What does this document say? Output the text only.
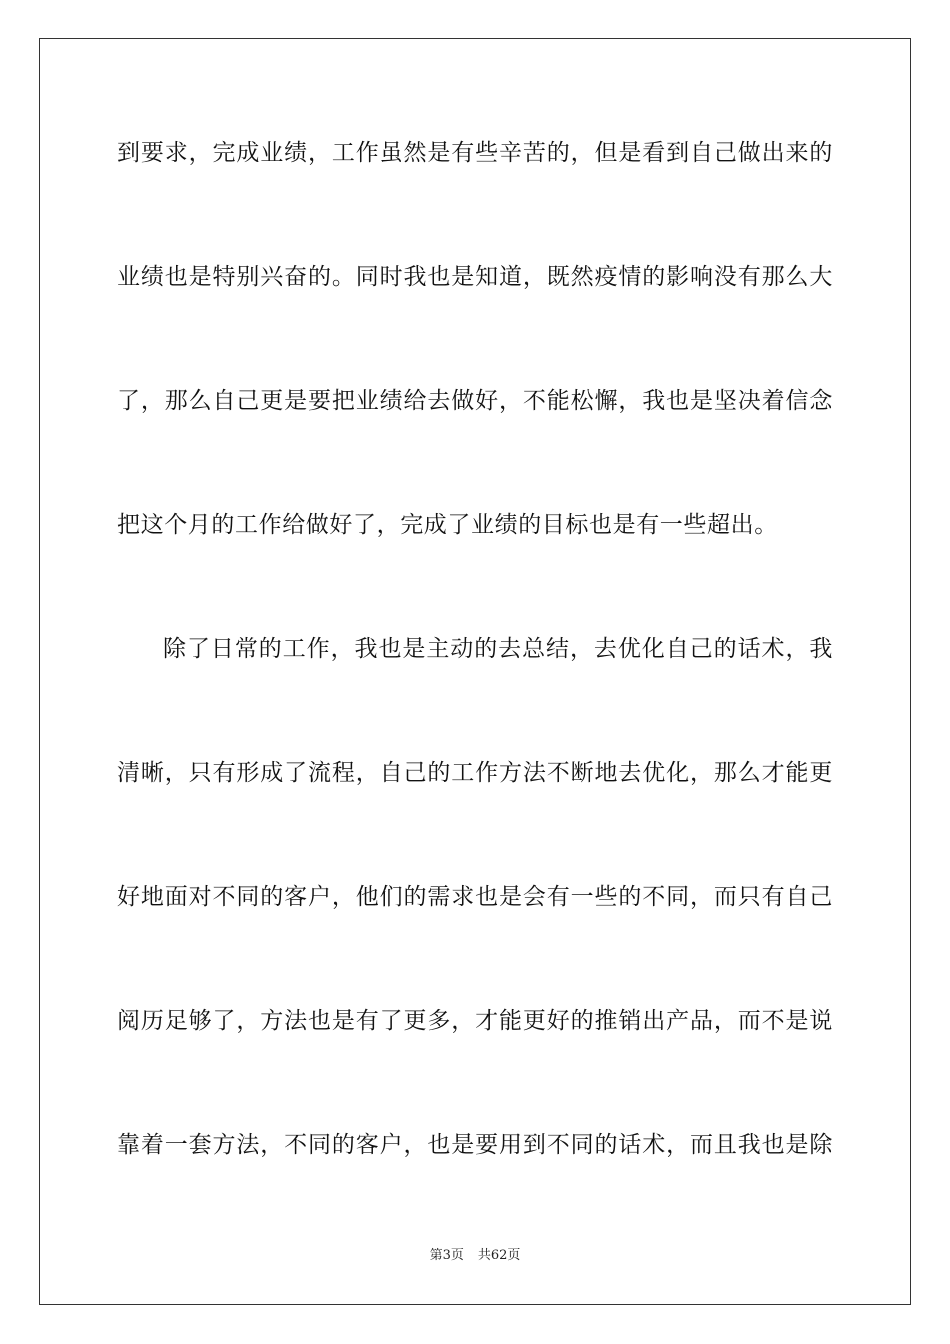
到要求，完成业绩，工作虽然是有些辛苦的，但是看到自己做出来的
业绩也是特别兴奋的。同时我也是知道，既然疫情的影响没有那么大
了，那么自己更是要把业绩给去做好，不能松懈，我也是坚决着信念
把这个月的工作给做好了，完成了业绩的目标也是有一些超出。
除了日常的工作，我也是主动的去总结，去优化自己的话术，我
清晰，只有形成了流程，自己的工作方法不断地去优化，那么才能更
好地面对不同的客户，他们的需求也是会有一些的不同，而只有自己
阅历足够了，方法也是有了更多，才能更好的推销出产品，而不是说
靠着一套方法，不同的客户，也是要用到不同的话术，而且我也是除
第3页 共62页
